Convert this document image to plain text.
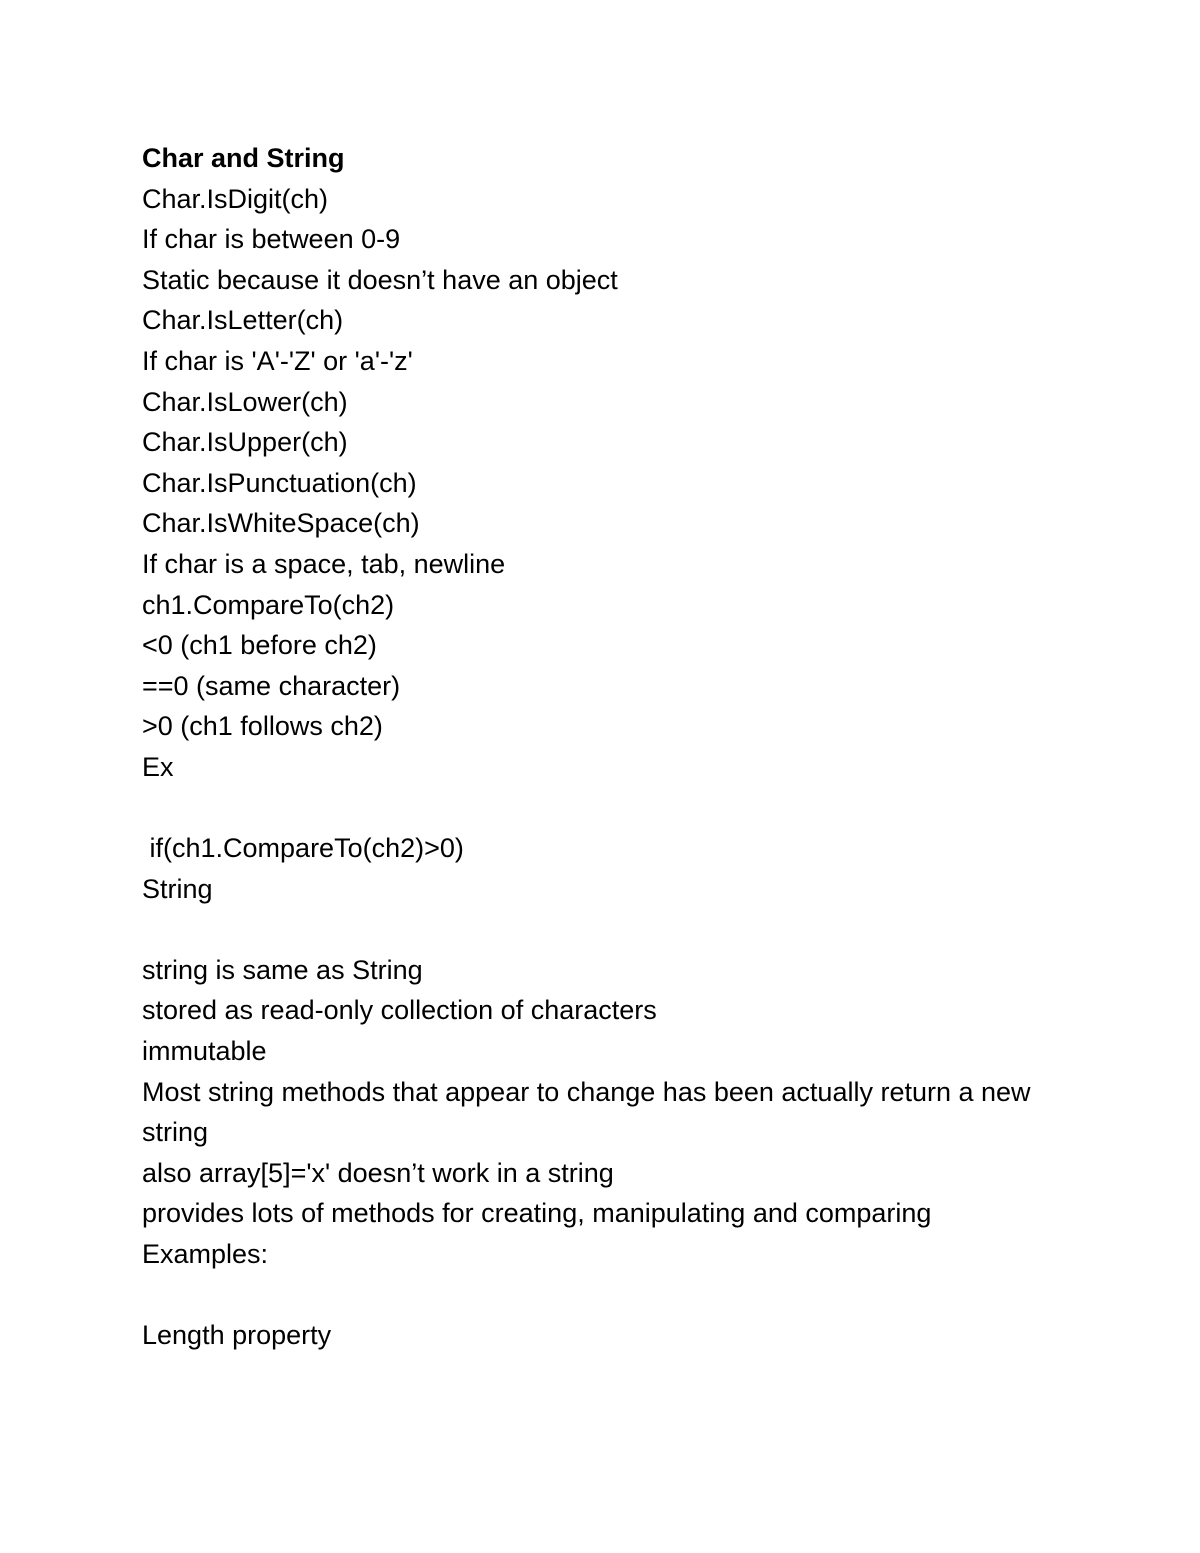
Char and String
Char.IsDigit(ch)
If char is between 0-9
Static because it doesn’t have an object
Char.IsLetter(ch)
If char is 'A'-'Z' or 'a'-'z'
Char.IsLower(ch)
Char.IsUpper(ch)
Char.IsPunctuation(ch)
Char.IsWhiteSpace(ch)
If char is a space, tab, newline
ch1.CompareTo(ch2)
<0 (ch1 before ch2)
==0 (same character)
>0 (ch1 follows ch2)
Ex
if(ch1.CompareTo(ch2)>0)
String
string is same as String
stored as read-only collection of characters
immutable
Most string methods that appear to change has been actually return a new string
also array[5]='x' doesn’t work in a string
provides lots of methods for creating, manipulating and comparing
Examples:
Length property
